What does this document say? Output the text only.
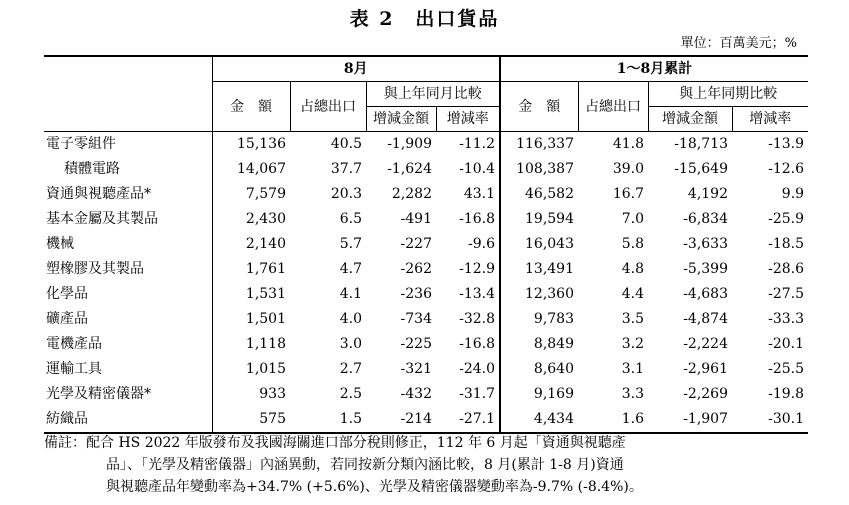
表 2　出口貨品
單位：百萬美元；%
	8月				1～8月累計			
	金　額	占總出口	與上年同月比較		金　額	占總出口	與上年同期比較	
			增減金額	增減率			增減金額	增減率

電子零組件	15,136	40.5	-1,909	-11.2	116,337	41.8	-18,713	-13.9
積體電路	14,067	37.7	-1,624	-10.4	108,387	39.0	-15,649	-12.6
資通與視聽產品*	7,579	20.3	2,282	43.1	46,582	16.7	4,192	9.9
基本金屬及其製品	2,430	6.5	-491	-16.8	19,594	7.0	-6,834	-25.9
機械	2,140	5.7	-227	-9.6	16,043	5.8	-3,633	-18.5
塑橡膠及其製品	1,761	4.7	-262	-12.9	13,491	4.8	-5,399	-28.6
化學品	1,531	4.1	-236	-13.4	12,360	4.4	-4,683	-27.5
礦產品	1,501	4.0	-734	-32.8	9,783	3.5	-4,874	-33.3
電機產品	1,118	3.0	-225	-16.8	8,849	3.2	-2,224	-20.1
運輸工具	1,015	2.7	-321	-24.0	8,640	3.1	-2,961	-25.5
光學及精密儀器*	933	2.5	-432	-31.7	9,169	3.3	-2,269	-19.8
紡織品	575	1.5	-214	-27.1	4,434	1.6	-1,907	-30.1
備註：配合 HS 2022 年版發布及我國海關進口部分稅則修正，112 年 6 月起「資通與視聽產
品」、「光學及精密儀器」內涵異動，若同按新分類內涵比較，8 月(累計 1-8 月)資通
與視聽產品年變動率為+34.7% (+5.6%)、光學及精密儀器變動率為-9.7% (-8.4%)。
